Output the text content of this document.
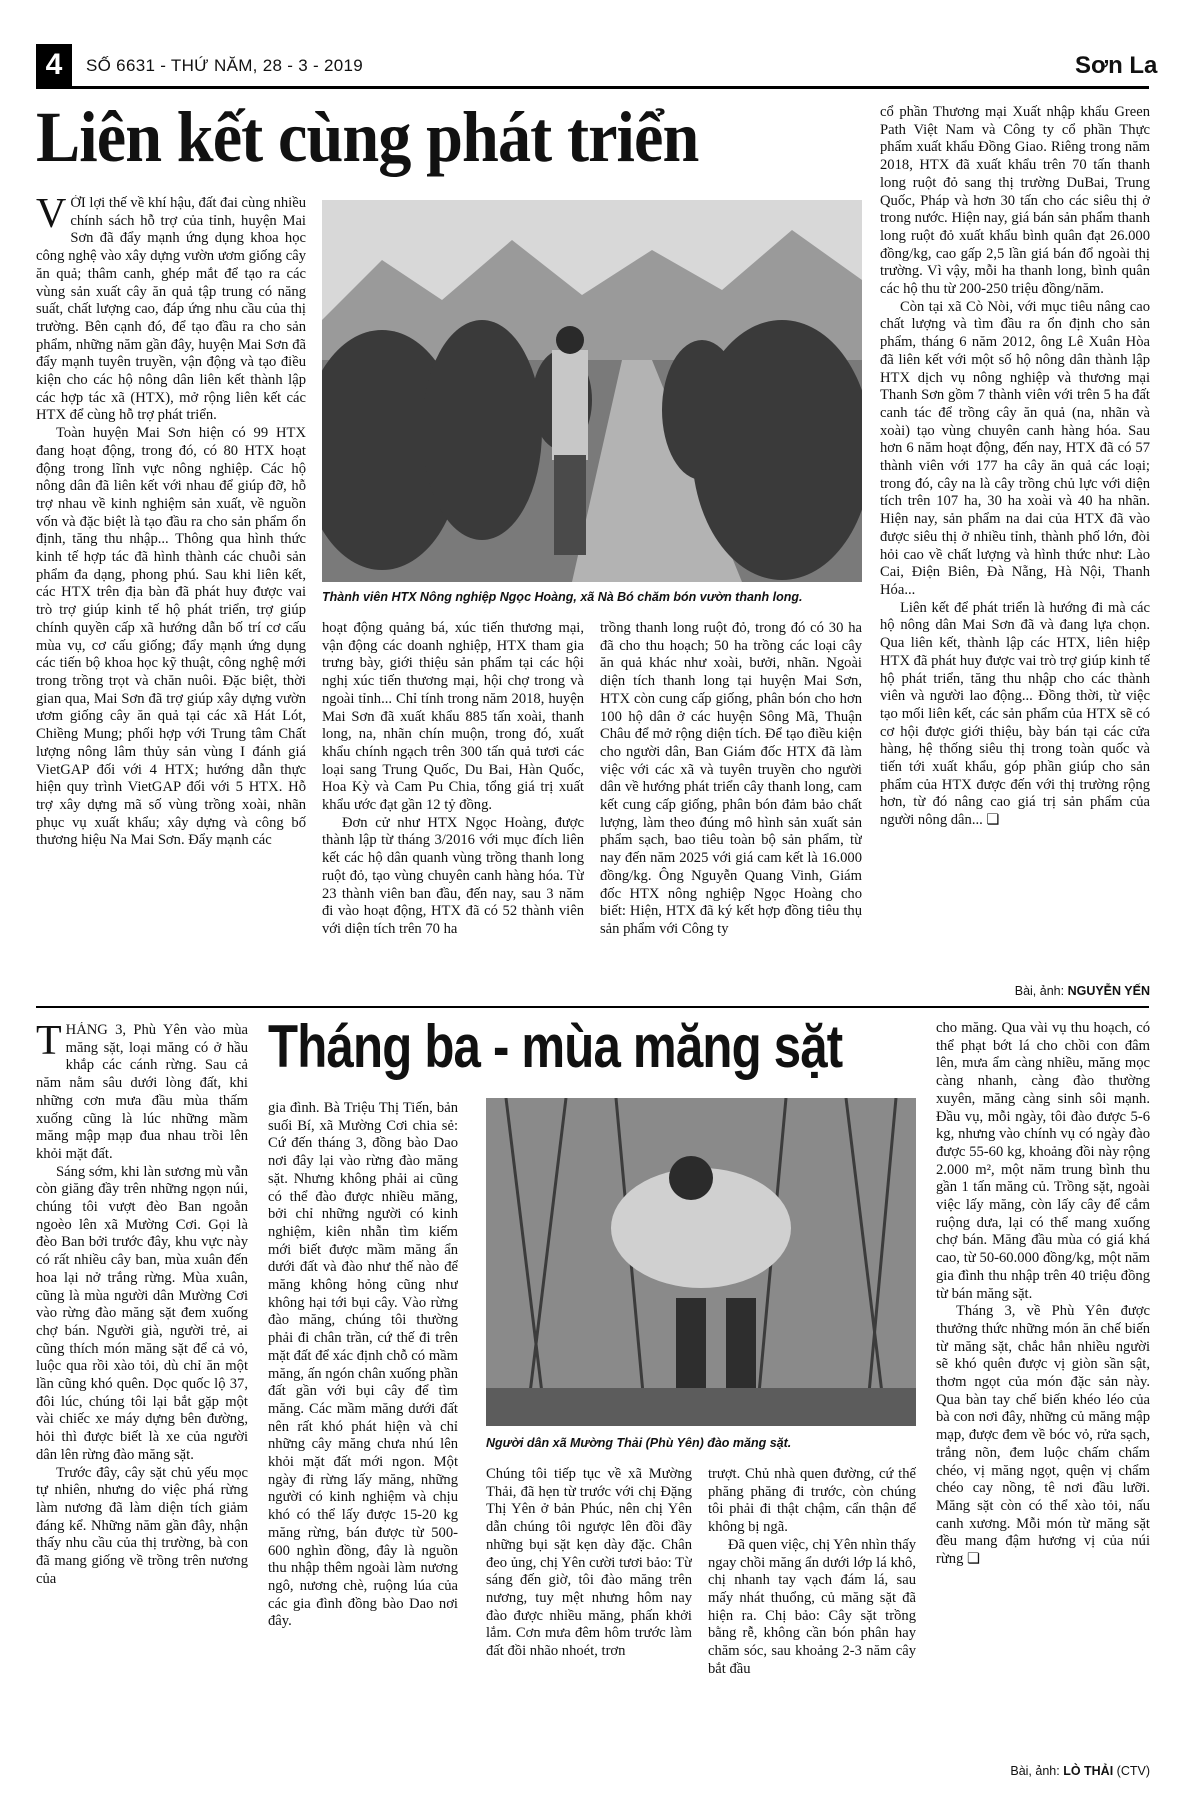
4	SỐ 6631 - THỨ NĂM, 28 - 3 - 2019	Sơn La
Liên kết cùng phát triển
V ỚI lợi thế về khí hậu, đất đai cùng nhiều chính sách hỗ trợ của tỉnh, huyện Mai Sơn đã đẩy mạnh ứng dụng khoa học công nghệ vào xây dựng vườn ươm giống cây ăn quả; thâm canh, ghép mắt để tạo ra các vùng sản xuất cây ăn quả tập trung có năng suất, chất lượng cao, đáp ứng nhu cầu của thị trường. Bên cạnh đó, để tạo đầu ra cho sản phẩm, những năm gần đây, huyện Mai Sơn đã đẩy mạnh tuyên truyền, vận động và tạo điều kiện cho các hộ nông dân liên kết thành lập các hợp tác xã (HTX), mở rộng liên kết các HTX để cùng hỗ trợ phát triển.

Toàn huyện Mai Sơn hiện có 99 HTX đang hoạt động, trong đó, có 80 HTX hoạt động trong lĩnh vực nông nghiệp. Các hộ nông dân đã liên kết với nhau để giúp đỡ, hỗ trợ nhau về kinh nghiệm sản xuất, về nguồn vốn và đặc biệt là tạo đầu ra cho sản phẩm ổn định, tăng thu nhập... Thông qua hình thức kinh tế hợp tác đã hình thành các chuỗi sản phẩm đa dạng, phong phú. Sau khi liên kết, các HTX trên địa bàn đã phát huy được vai trò trợ giúp kinh tế hộ phát triển, trợ giúp chính quyền cấp xã hướng dẫn bố trí cơ cấu mùa vụ, cơ cấu giống; đẩy mạnh ứng dụng các tiến bộ khoa học kỹ thuật, công nghệ mới trong trồng trọt và chăn nuôi. Đặc biệt, thời gian qua, Mai Sơn đã trợ giúp xây dựng vườn ươm giống cây ăn quả tại các xã Hát Lót, Chiềng Mung; phối hợp với Trung tâm Chất lượng nông lâm thủy sản vùng I đánh giá VietGAP đối với 4 HTX; hướng dẫn thực hiện quy trình VietGAP đối với 5 HTX. Hỗ trợ xây dựng mã số vùng trồng xoài, nhãn phục vụ xuất khẩu; xây dựng và công bố thương hiệu Na Mai Sơn. Đẩy mạnh các

Thành viên HTX Nông nghiệp Ngọc Hoàng, xã Nà Bó chăm bón vườn thanh long.

hoạt động quảng bá, xúc tiến thương mại, vận động các doanh nghiệp, HTX tham gia trưng bày, giới thiệu sản phẩm tại các hội nghị xúc tiến thương mại, hội chợ trong và ngoài tỉnh... Chỉ tính trong năm 2018, huyện Mai Sơn đã xuất khẩu 885 tấn xoài, thanh long, na, nhãn chín muộn, trong đó, xuất khẩu chính ngạch trên 300 tấn quả tươi các loại sang Trung Quốc, Du Bai, Hàn Quốc, Hoa Kỳ và Cam Pu Chia, tổng giá trị xuất khẩu ước đạt gần 12 tỷ đồng.

Đơn cử như HTX Ngọc Hoàng, được thành lập từ tháng 3/2016 với mục đích liên kết các hộ dân quanh vùng trồng thanh long ruột đỏ, tạo vùng chuyên canh hàng hóa. Từ 23 thành viên ban đầu, đến nay, sau 3 năm đi vào hoạt động, HTX đã có 52 thành viên với diện tích trên 70 ha

trồng thanh long ruột đỏ, trong đó có 30 ha đã cho thu hoạch; 50 ha trồng các loại cây ăn quả khác như xoài, bưởi, nhãn. Ngoài diện tích thanh long tại huyện Mai Sơn, HTX còn cung cấp giống, phân bón cho hơn 100 hộ dân ở các huyện Sông Mã, Thuận Châu để mở rộng diện tích. Để tạo điều kiện cho người dân, Ban Giám đốc HTX đã làm việc với các xã và tuyên truyền cho người dân về hướng phát triển cây thanh long, cam kết cung cấp giống, phân bón đảm bảo chất lượng, làm theo đúng mô hình sản xuất sản phẩm sạch, bao tiêu toàn bộ sản phẩm, từ nay đến năm 2025 với giá cam kết là 16.000 đồng/kg. Ông Nguyễn Quang Vinh, Giám đốc HTX nông nghiệp Ngọc Hoàng cho biết: Hiện, HTX đã ký kết hợp đồng tiêu thụ sản phẩm với Công ty

cổ phần Thương mại Xuất nhập khẩu Green Path Việt Nam và Công ty cổ phần Thực phẩm xuất khẩu Đồng Giao. Riêng trong năm 2018, HTX đã xuất khẩu trên 70 tấn thanh long ruột đỏ sang thị trường DuBai, Trung Quốc, Pháp và hơn 30 tấn cho các siêu thị ở trong nước. Hiện nay, giá bán sản phẩm thanh long ruột đỏ xuất khẩu bình quân đạt 26.000 đồng/kg, cao gấp 2,5 lần giá bán đổ ngoài thị trường. Vì vậy, mỗi ha thanh long, bình quân các hộ thu từ 200-250 triệu đồng/năm.

Còn tại xã Cò Nòi, với mục tiêu nâng cao chất lượng và tìm đầu ra ổn định cho sản phẩm, tháng 6 năm 2012, ông Lê Xuân Hòa đã liên kết với một số hộ nông dân thành lập HTX dịch vụ nông nghiệp và thương mại Thanh Sơn gồm 7 thành viên với trên 5 ha đất canh tác để trồng cây ăn quả (na, nhãn và xoài) tạo vùng chuyên canh hàng hóa. Sau hơn 6 năm hoạt động, đến nay, HTX đã có 57 thành viên với 177 ha cây ăn quả các loại; trong đó, cây na là cây trồng chủ lực với diện tích trên 107 ha, 30 ha xoài và 40 ha nhãn. Hiện nay, sản phẩm na dai của HTX đã vào được siêu thị ở nhiều tỉnh, thành phố lớn, đòi hỏi cao về chất lượng và hình thức như: Lào Cai, Điện Biên, Đà Nẵng, Hà Nội, Thanh Hóa...

Liên kết để phát triển là hướng đi mà các hộ nông dân Mai Sơn đã và đang lựa chọn. Qua liên kết, thành lập các HTX, liên hiệp HTX đã phát huy được vai trò trợ giúp kinh tế hộ phát triển, tăng thu nhập cho các thành viên và người lao động... Đồng thời, từ việc tạo mối liên kết, các sản phẩm của HTX sẽ có cơ hội được giới thiệu, bày bán tại các cửa hàng, hệ thống siêu thị trong toàn quốc và tiến tới xuất khẩu, góp phần giúp cho sản phẩm của HTX được đến với thị trường rộng hơn, từ đó nâng cao giá trị sản phẩm của người nông dân... ❏

Bài, ảnh: NGUYỄN YẾN
T HÁNG 3, Phù Yên vào mùa măng sặt, loại măng có ở hầu khắp các cánh rừng. Sau cả năm nằm sâu dưới lòng đất, khi những cơn mưa đầu mùa thấm xuống cũng là lúc những mầm măng mập mạp đua nhau trồi lên khỏi mặt đất.

Sáng sớm, khi làn sương mù vẫn còn giăng đầy trên những ngọn núi, chúng tôi vượt đèo Ban ngoằn ngoèo lên xã Mường Cơi. Gọi là đèo Ban bởi trước đây, khu vực này có rất nhiều cây ban, mùa xuân đến hoa lại nở trắng rừng. Mùa xuân, cũng là mùa người dân Mường Cơi vào rừng đào măng sặt đem xuống chợ bán. Người già, người trẻ, ai cũng thích món măng sặt để cả vỏ, luộc qua rồi xào tỏi, dù chỉ ăn một lần cũng khó quên. Dọc quốc lộ 37, đôi lúc, chúng tôi lại bắt gặp một vài chiếc xe máy dựng bên đường, hỏi thì được biết là xe của người dân lên rừng đào măng sặt.

Trước đây, cây sặt chủ yếu mọc tự nhiên, nhưng do việc phá rừng làm nương đã làm diện tích giảm đáng kể. Những năm gần đây, nhận thấy nhu cầu của thị trường, bà con đã mang giống về trồng trên nương của

Tháng ba - mùa măng sặt

gia đình. Bà Triệu Thị Tiến, bản suối Bí, xã Mường Cơi chia sẻ: Cứ đến tháng 3, đồng bào Dao nơi đây lại vào rừng đào măng sặt. Nhưng không phải ai cũng có thể đào được nhiều măng, bởi chỉ những người có kinh nghiệm, kiên nhẫn tìm kiếm mới biết được mầm măng ẩn dưới đất và đào như thế nào để măng không hỏng cũng như không hại tới bụi cây. Vào rừng đào măng, chúng tôi thường phải đi chân trần, cứ thế đi trên mặt đất để xác định chỗ có mầm măng, ấn ngón chân xuống phần đất gần với bụi cây để tìm măng. Các mầm măng dưới đất nên rất khó phát hiện và chỉ những cây măng chưa nhú lên khỏi mặt đất mới ngon. Một ngày đi rừng lấy măng, những người có kinh nghiệm và chịu khó có thể lấy được 15-20 kg măng rừng, bán được từ 500-600 nghìn đồng, đây là nguồn thu nhập thêm ngoài làm nương ngô, nương chè, ruộng lúa của các gia đình đồng bào Dao nơi đây.

Người dân xã Mường Thải (Phù Yên) đào măng sặt.

Chúng tôi tiếp tục về xã Mường Thải, đã hẹn từ trước với chị Đặng Thị Yên ở bản Phúc, nên chị Yên dẫn chúng tôi ngược lên đồi đầy những bụi sặt kẹn dày đặc. Chân đeo ủng, chị Yên cười tươi bảo: Từ sáng đến giờ, tôi đào măng trên nương, tuy mệt nhưng hôm nay đào được nhiều măng, phấn khởi lắm. Cơn mưa đêm hôm trước làm đất đồi nhão nhoét, trơn

trượt. Chủ nhà quen đường, cứ thế phăng phăng đi trước, còn chúng tôi phải đi thật chậm, cẩn thận để không bị ngã.

Đã quen việc, chị Yên nhìn thấy ngay chồi măng ẩn dưới lớp lá khô, chị nhanh tay vạch đám lá, sau mấy nhát thuổng, củ măng sặt đã hiện ra. Chị bảo: Cây sặt trồng bằng rễ, không cần bón phân hay chăm sóc, sau khoảng 2-3 năm cây bắt đầu

cho măng. Qua vài vụ thu hoạch, có thể phạt bớt lá cho chồi con đâm lên, mưa ẩm càng nhiều, măng mọc càng nhanh, càng đào thường xuyên, măng càng sinh sôi mạnh. Đầu vụ, mỗi ngày, tôi đào được 5-6 kg, nhưng vào chính vụ có ngày đào được 55-60 kg, khoảng đồi này rộng 2.000 m², một năm trung bình thu gần 1 tấn măng củ. Trồng sặt, ngoài việc lấy măng, còn lấy cây để cắm ruộng dưa, lại có thể mang xuống chợ bán. Măng đầu mùa có giá khá cao, từ 50-60.000 đồng/kg, một năm gia đình thu nhập trên 40 triệu đồng từ bán măng sặt.

Tháng 3, về Phù Yên được thưởng thức những món ăn chế biến từ măng sặt, chắc hẳn nhiều người sẽ khó quên được vị giòn sần sật, thơm ngọt của món đặc sản này. Qua bàn tay chế biến khéo léo của bà con nơi đây, những củ măng mập mạp, được đem về bóc vỏ, rửa sạch, trắng nõn, đem luộc chấm chẩm chéo, vị măng ngọt, quện vị chẩm chéo cay nồng, tê nơi đầu lưỡi. Măng sặt còn có thể xào tỏi, nấu canh xương. Mỗi món từ măng sặt đều mang đậm hương vị của núi rừng ❏

Bài, ảnh: LÒ THẢI (CTV)
